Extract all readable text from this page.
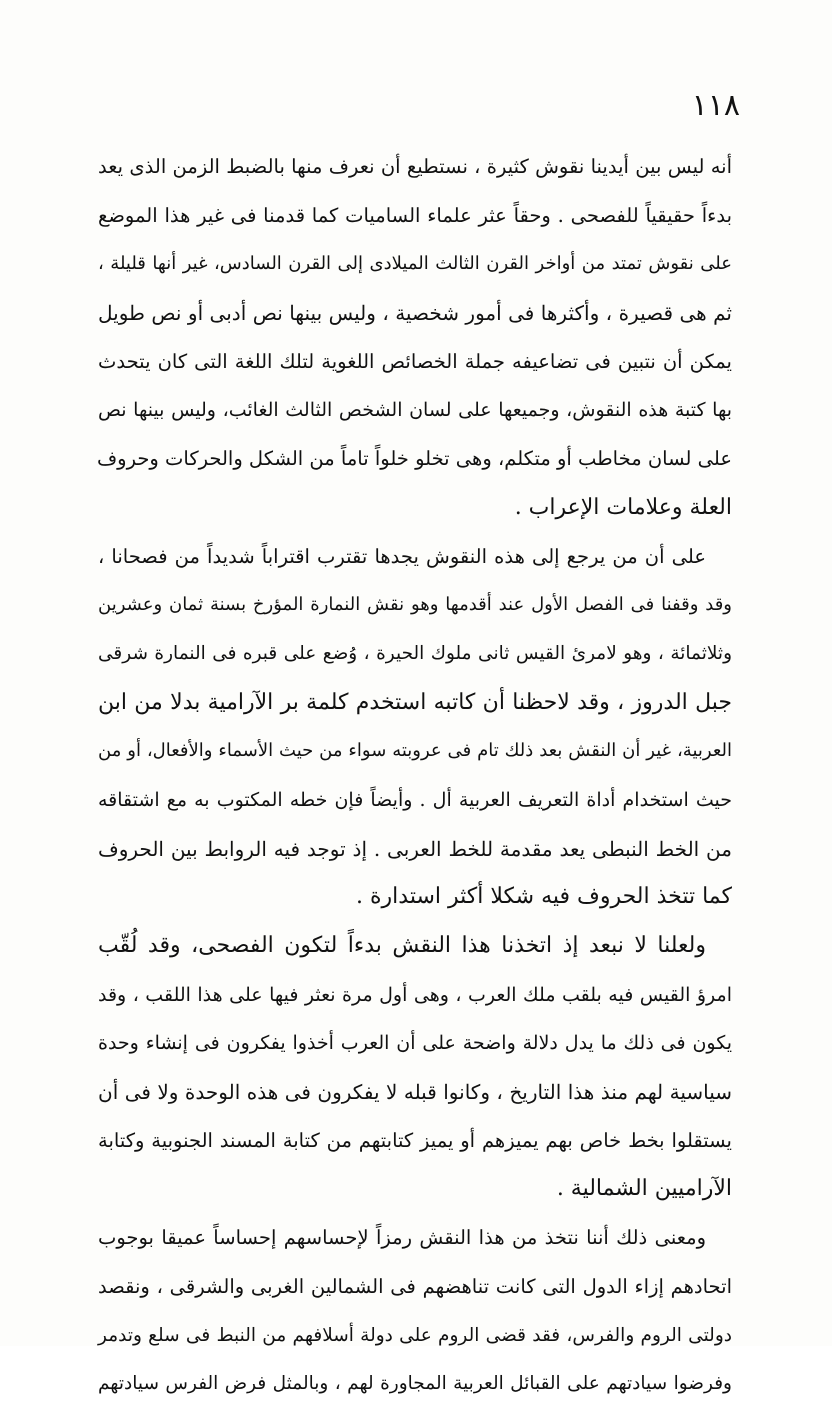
١١٨
أنه ليس بين أيدينا نقوش كثيرة ، نستطيع أن نعرف منها بالضبط الزمن الذى يعد
بدءاً حقيقياً للفصحى . وحقاً عثر علماء الساميات كما قدمنا فى غير هذا الموضع
على نقوش تمتد من أواخر القرن الثالث الميلادى إلى القرن السادس، غير أنها قليلة ،
ثم هى قصيرة ، وأكثرها فى أمور شخصية ، وليس بينها نص أدبى أو نص طويل
يمكن أن نتبين فى تضاعيفه جملة الخصائص اللغوية لتلك اللغة التى كان يتحدث
بها كتبة هذه النقوش، وجميعها على لسان الشخص الثالث الغائب، وليس بينها نص
على لسان مخاطب أو متكلم، وهى تخلو خلواً تاماً من الشكل والحركات وحروف
العلة وعلامات الإعراب .
على أن من يرجع إلى هذه النقوش يجدها تقترب اقتراباً شديداً من فصحانا ،
وقد وقفنا فى الفصل الأول عند أقدمها وهو نقش النمارة المؤرخ بسنة ثمان وعشرين
وثلاثمائة ، وهو لامرئ القيس ثانى ملوك الحيرة ، وُضع على قبره فى النمارة شرقى
جبل الدروز ، وقد لاحظنا أن كاتبه استخدم كلمة بر الآرامية بدلا من ابن
العربية، غير أن النقش بعد ذلك تام فى عروبته سواء من حيث الأسماء والأفعال، أو من
حيث استخدام أداة التعريف العربية أل . وأيضاً فإن خطه المكتوب به مع اشتقاقه
من الخط النبطى يعد مقدمة للخط العربى . إذ توجد فيه الروابط بين الحروف
كما تتخذ الحروف فيه شكلا أكثر استدارة .
ولعلنا لا نبعد إذ اتخذنا هذا النقش بدءاً لتكون الفصحى، وقد لُقّب
امرؤ القيس فيه بلقب ملك العرب ، وهى أول مرة نعثر فيها على هذا اللقب ، وقد
يكون فى ذلك ما يدل دلالة واضحة على أن العرب أخذوا يفكرون فى إنشاء وحدة
سياسية لهم منذ هذا التاريخ ، وكانوا قبله لا يفكرون فى هذه الوحدة ولا فى أن
يستقلوا بخط خاص بهم يميزهم أو يميز كتابتهم من كتابة المسند الجنوبية وكتابة
الآراميين الشمالية .
ومعنى ذلك أننا نتخذ من هذا النقش رمزاً لإحساسهم إحساساً عميقا بوجوب
اتحادهم إزاء الدول التى كانت تناهضهم فى الشمالين الغربى والشرقى ، ونقصد
دولتى الروم والفرس، فقد قضى الروم على دولة أسلافهم من النبط فى سلع وتدمر
وفرضوا سيادتهم على القبائل العربية المجاورة لهم ، وبالمثل فرض الفرس سيادتهم
